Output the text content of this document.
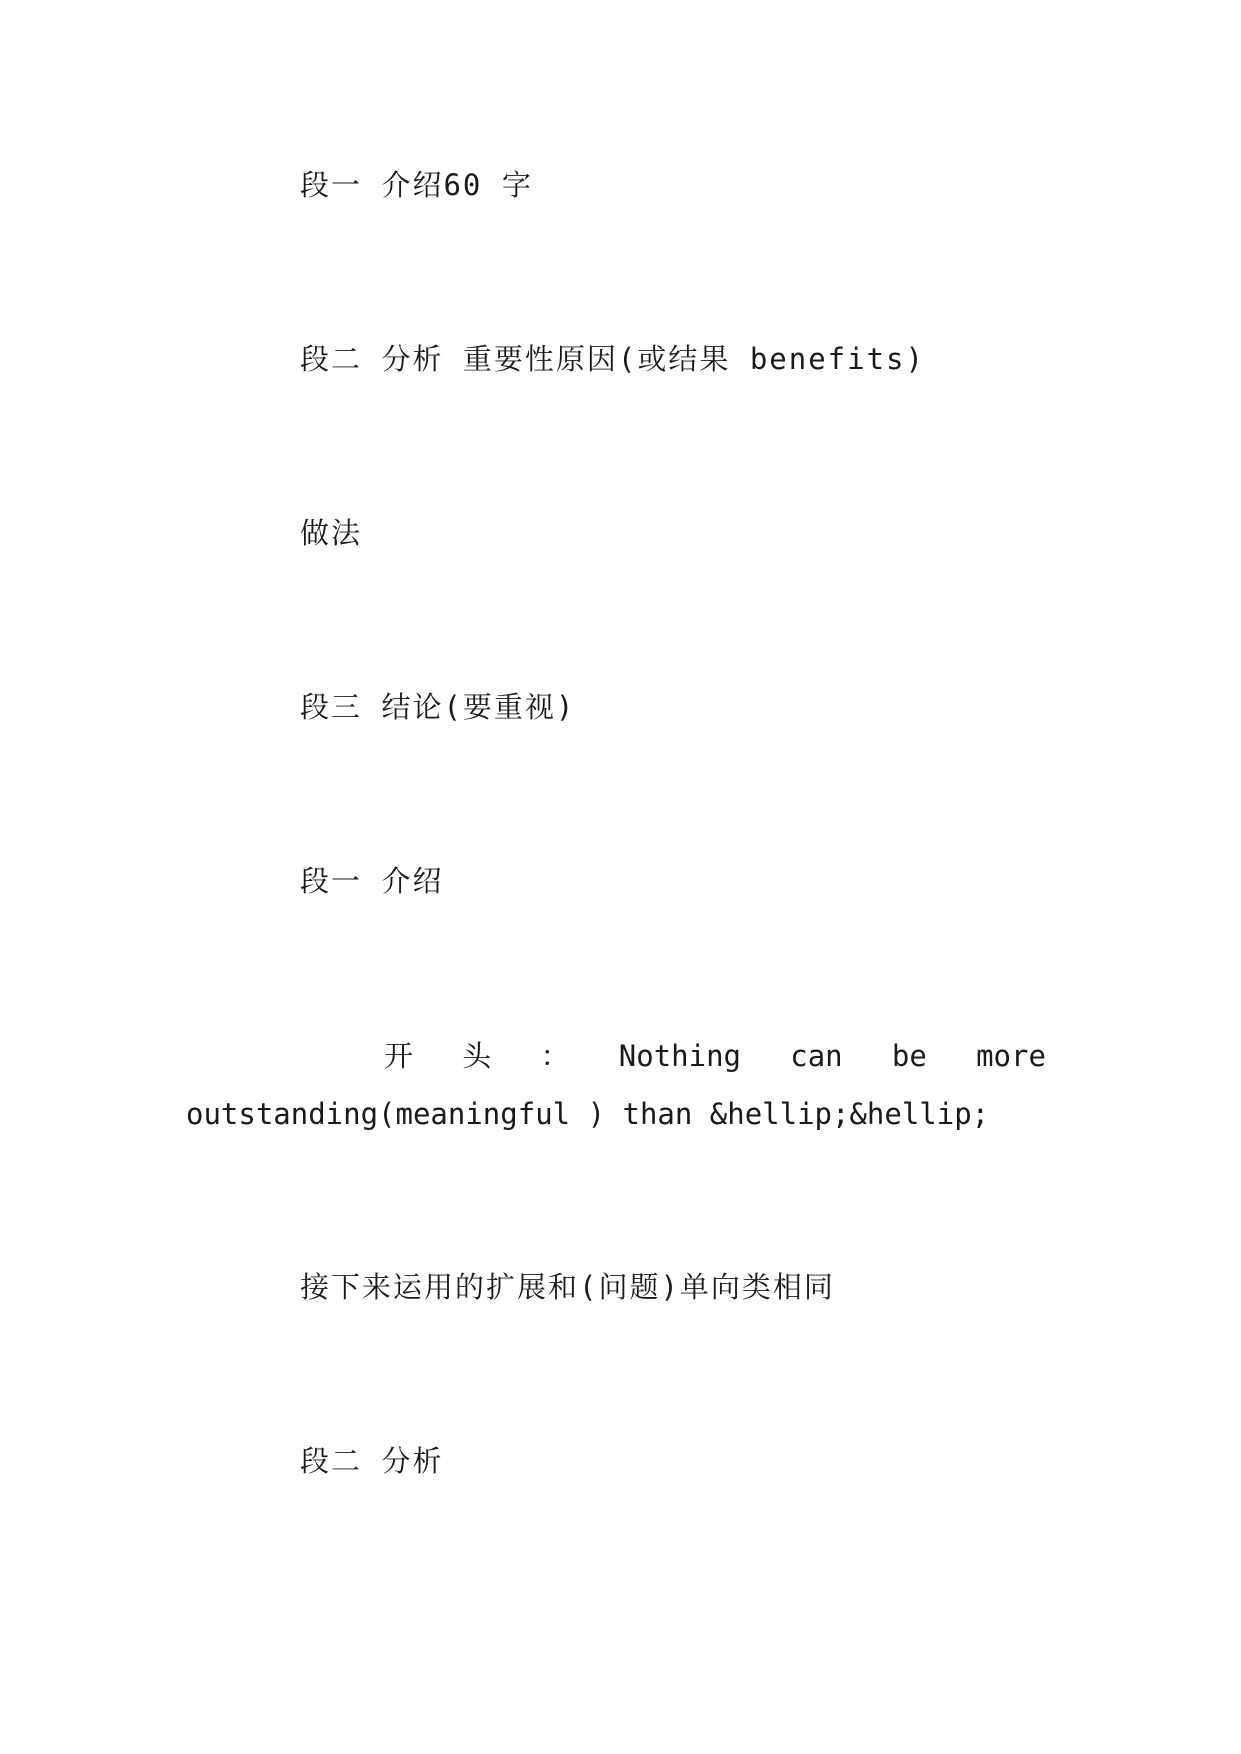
段一 介绍60 字
段二 分析 重要性原因(或结果 benefits)
做法
段三 结论(要重视)
段一 介绍
开 头 ： Nothing can be more
outstanding(meaningful ) than &hellip;&hellip;
接下来运用的扩展和(问题)单向类相同
段二 分析
